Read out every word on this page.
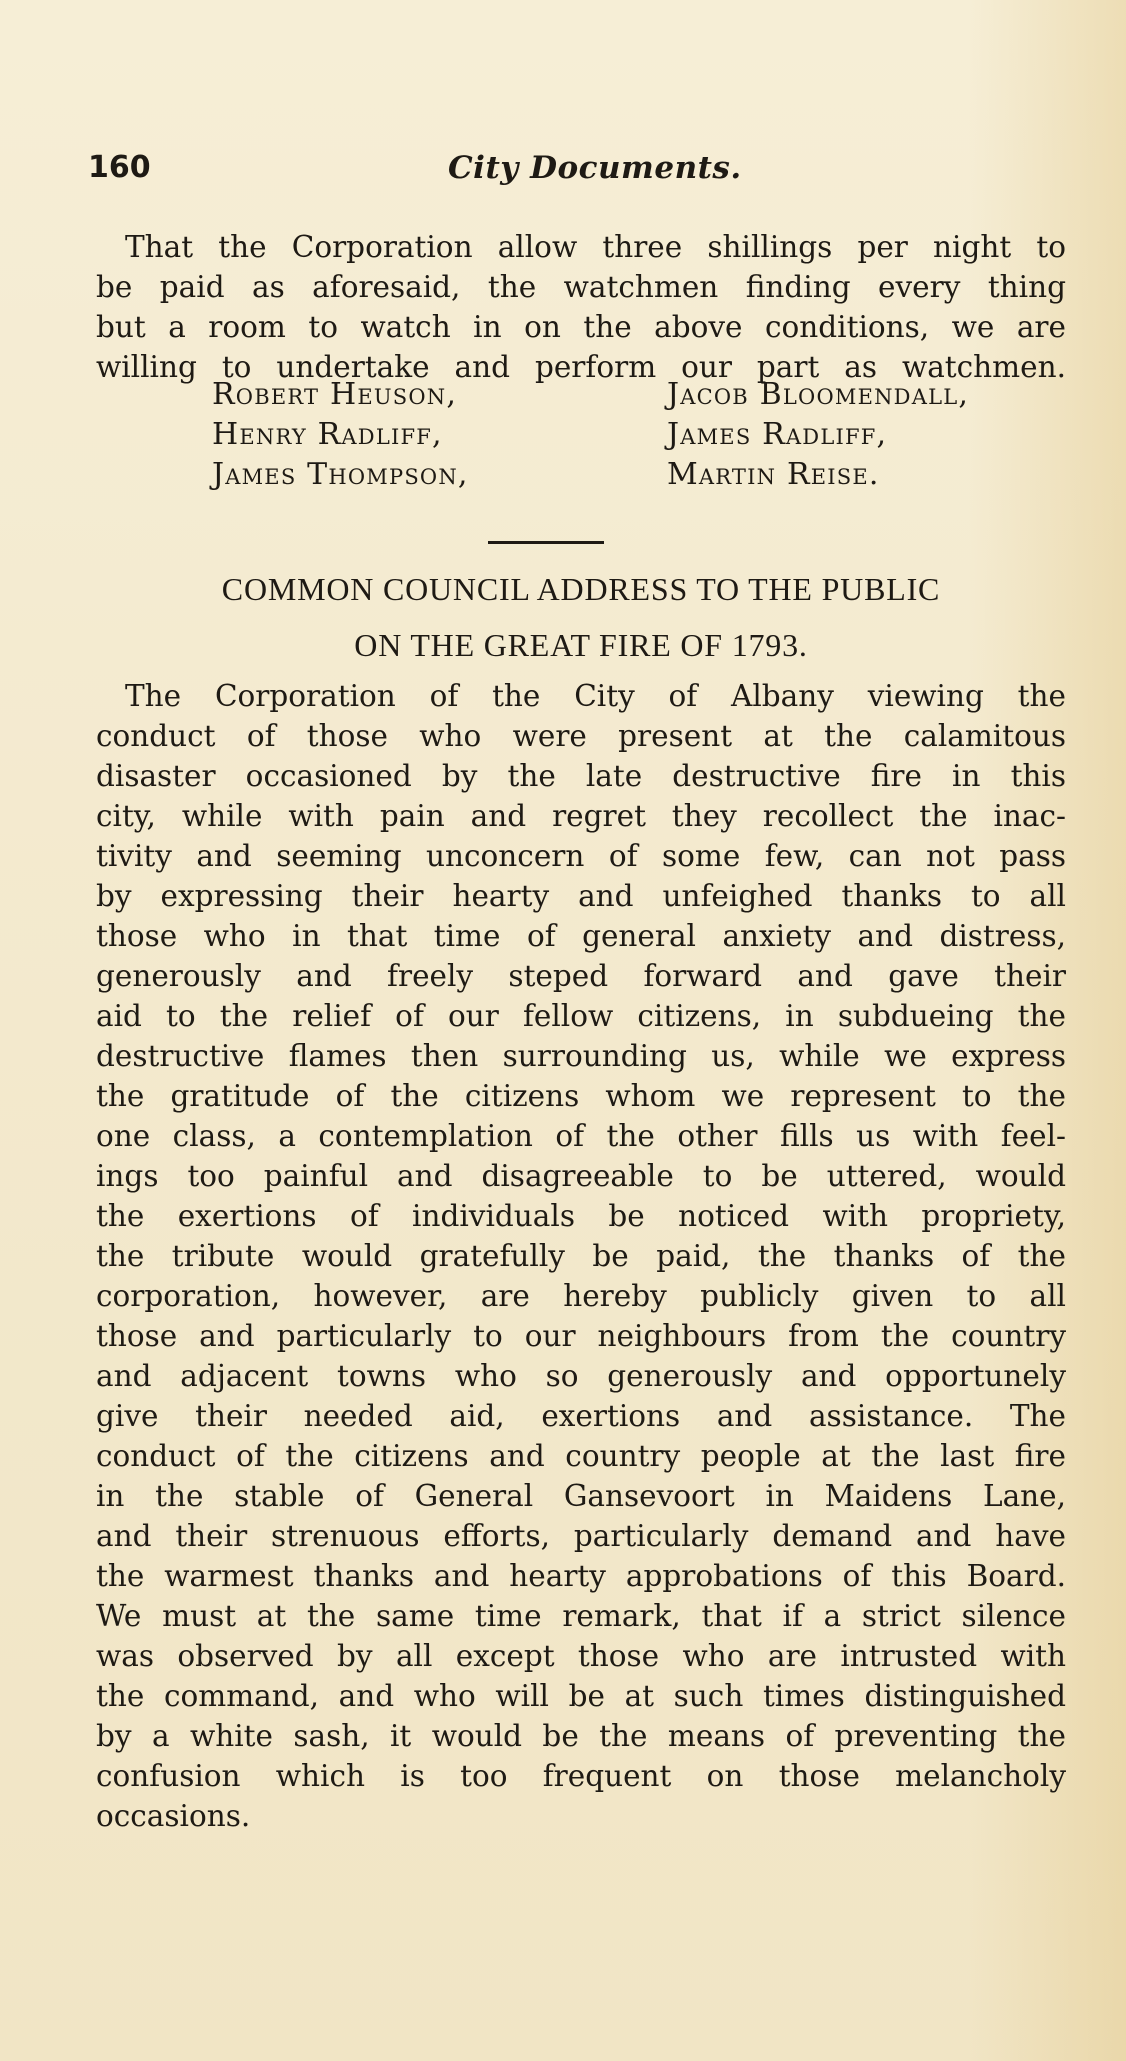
160	City Documents.

That the Corporation allow three shillings per night to

be paid as aforesaid, the watchmen finding every thing

but a room to watch in on the above conditions, we are

willing to undertake and perform our part as watchmen.

Robert Heuson,	Jacob Bloomendall,
Henry Radliff,	James Radliff,
James Thompson,	Martin Reise.
COMMON COUNCIL ADDRESS TO THE PUBLIC
ON THE GREAT FIRE OF 1793.

The Corporation of the City of Albany viewing the

conduct of those who were present at the calamitous

disaster occasioned by the late destructive fire in this

city, while with pain and regret they recollect the inac-

tivity and seeming unconcern of some few, can not pass

by expressing their hearty and unfeighed thanks to all

those who in that time of general anxiety and distress,

generously and freely steped forward and gave their

aid to the relief of our fellow citizens, in subdueing the

destructive flames then surrounding us, while we express

the gratitude of the citizens whom we represent to the

one class, a contemplation of the other fills us with feel-

ings too painful and disagreeable to be uttered, would

the exertions of individuals be noticed with propriety,

the tribute would gratefully be paid, the thanks of the

corporation, however, are hereby publicly given to all

those and particularly to our neighbours from the country

and adjacent towns who so generously and opportunely

give their needed aid, exertions and assistance. The

conduct of the citizens and country people at the last fire

in the stable of General Gansevoort in Maidens Lane,

and their strenuous efforts, particularly demand and have

the warmest thanks and hearty approbations of this Board.

We must at the same time remark, that if a strict silence

was observed by all except those who are intrusted with

the command, and who will be at such times distinguished

by a white sash, it would be the means of preventing the

confusion which is too frequent on those melancholy

occasions.
